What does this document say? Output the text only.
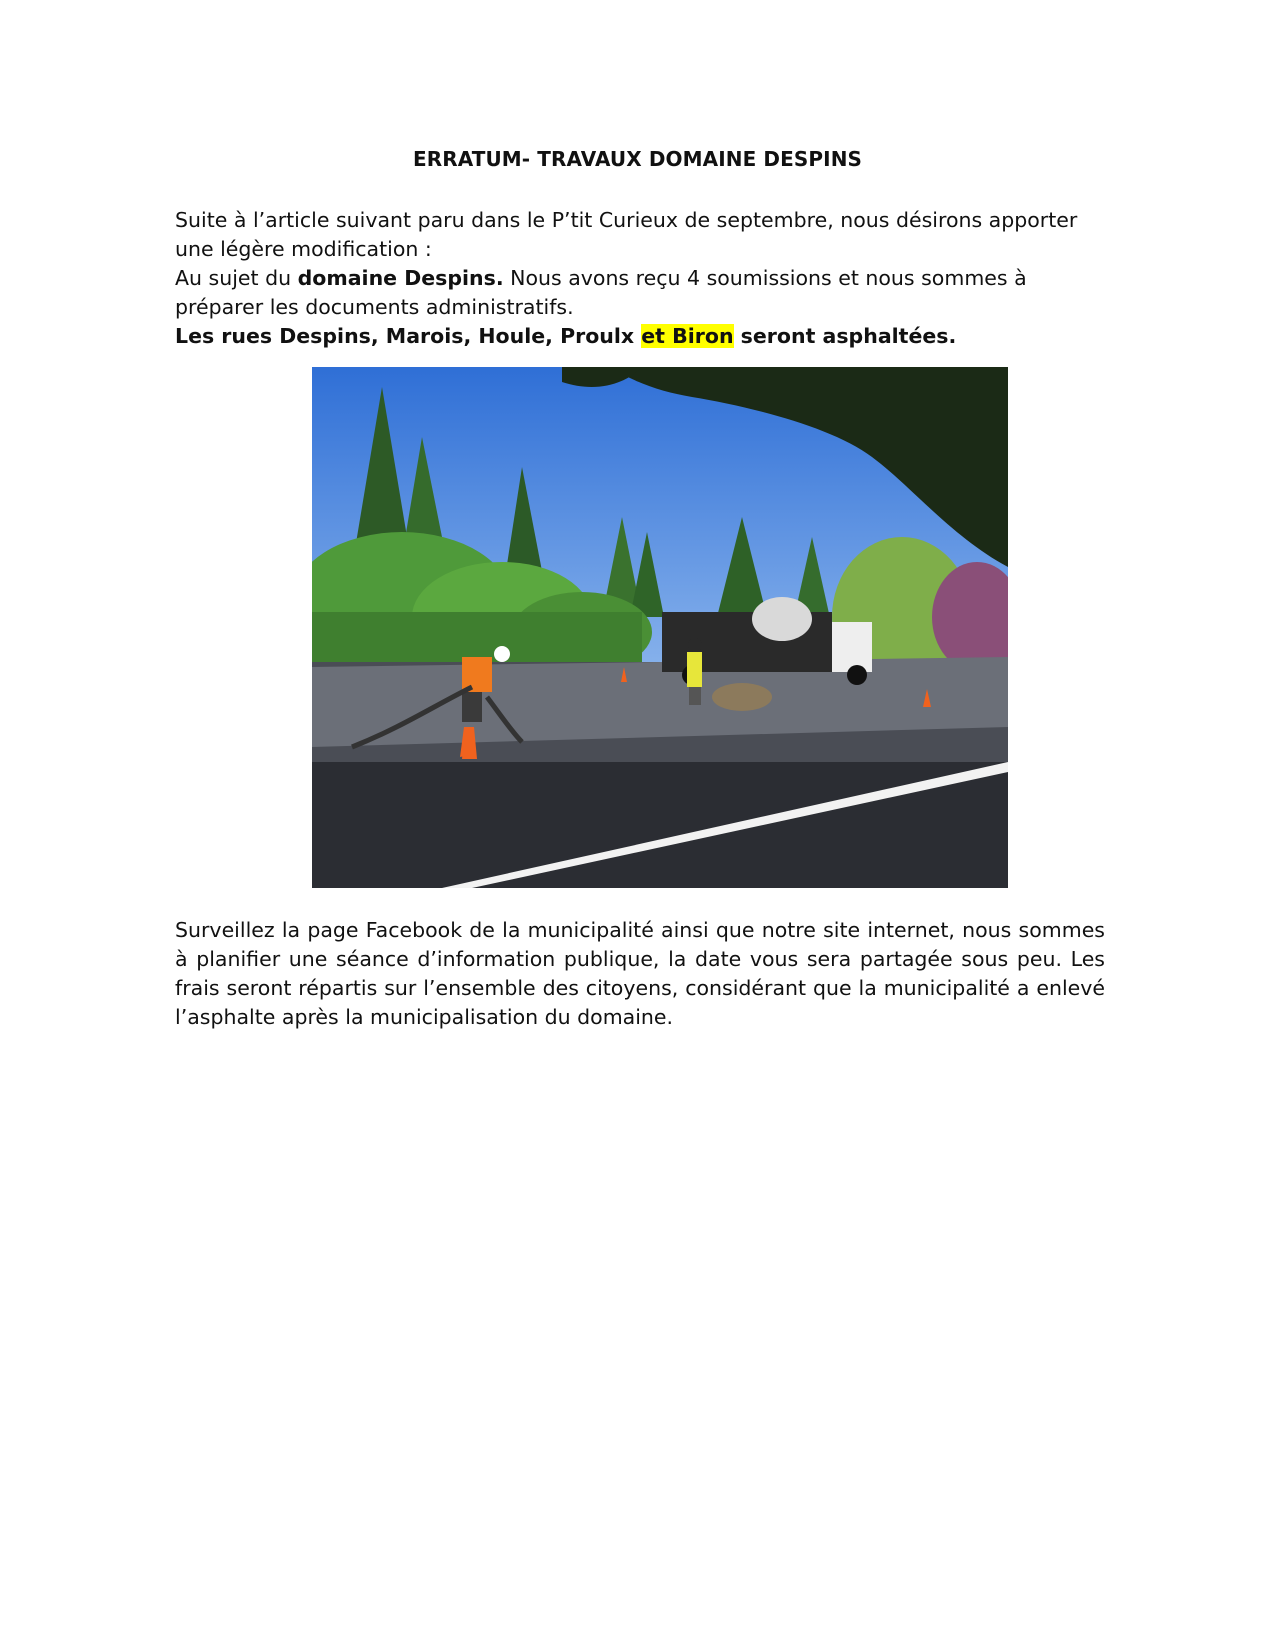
ERRATUM- TRAVAUX DOMAINE DESPINS

Suite à l’article suivant paru dans le P’tit Curieux de septembre, nous désirons apporter une légère modification :

Au sujet du domaine Despins. Nous avons reçu 4 soumissions et nous sommes à préparer les documents administratifs.

Les rues Despins, Marois, Houle, Proulx et Biron seront asphaltées.

Surveillez la page Facebook de la municipalité ainsi que notre site internet, nous sommes à planifier une séance d’information publique, la date vous sera partagée sous peu. Les frais seront répartis sur l’ensemble des citoyens, considérant que la municipalité a enlevé l’asphalte après la municipalisation du domaine.
